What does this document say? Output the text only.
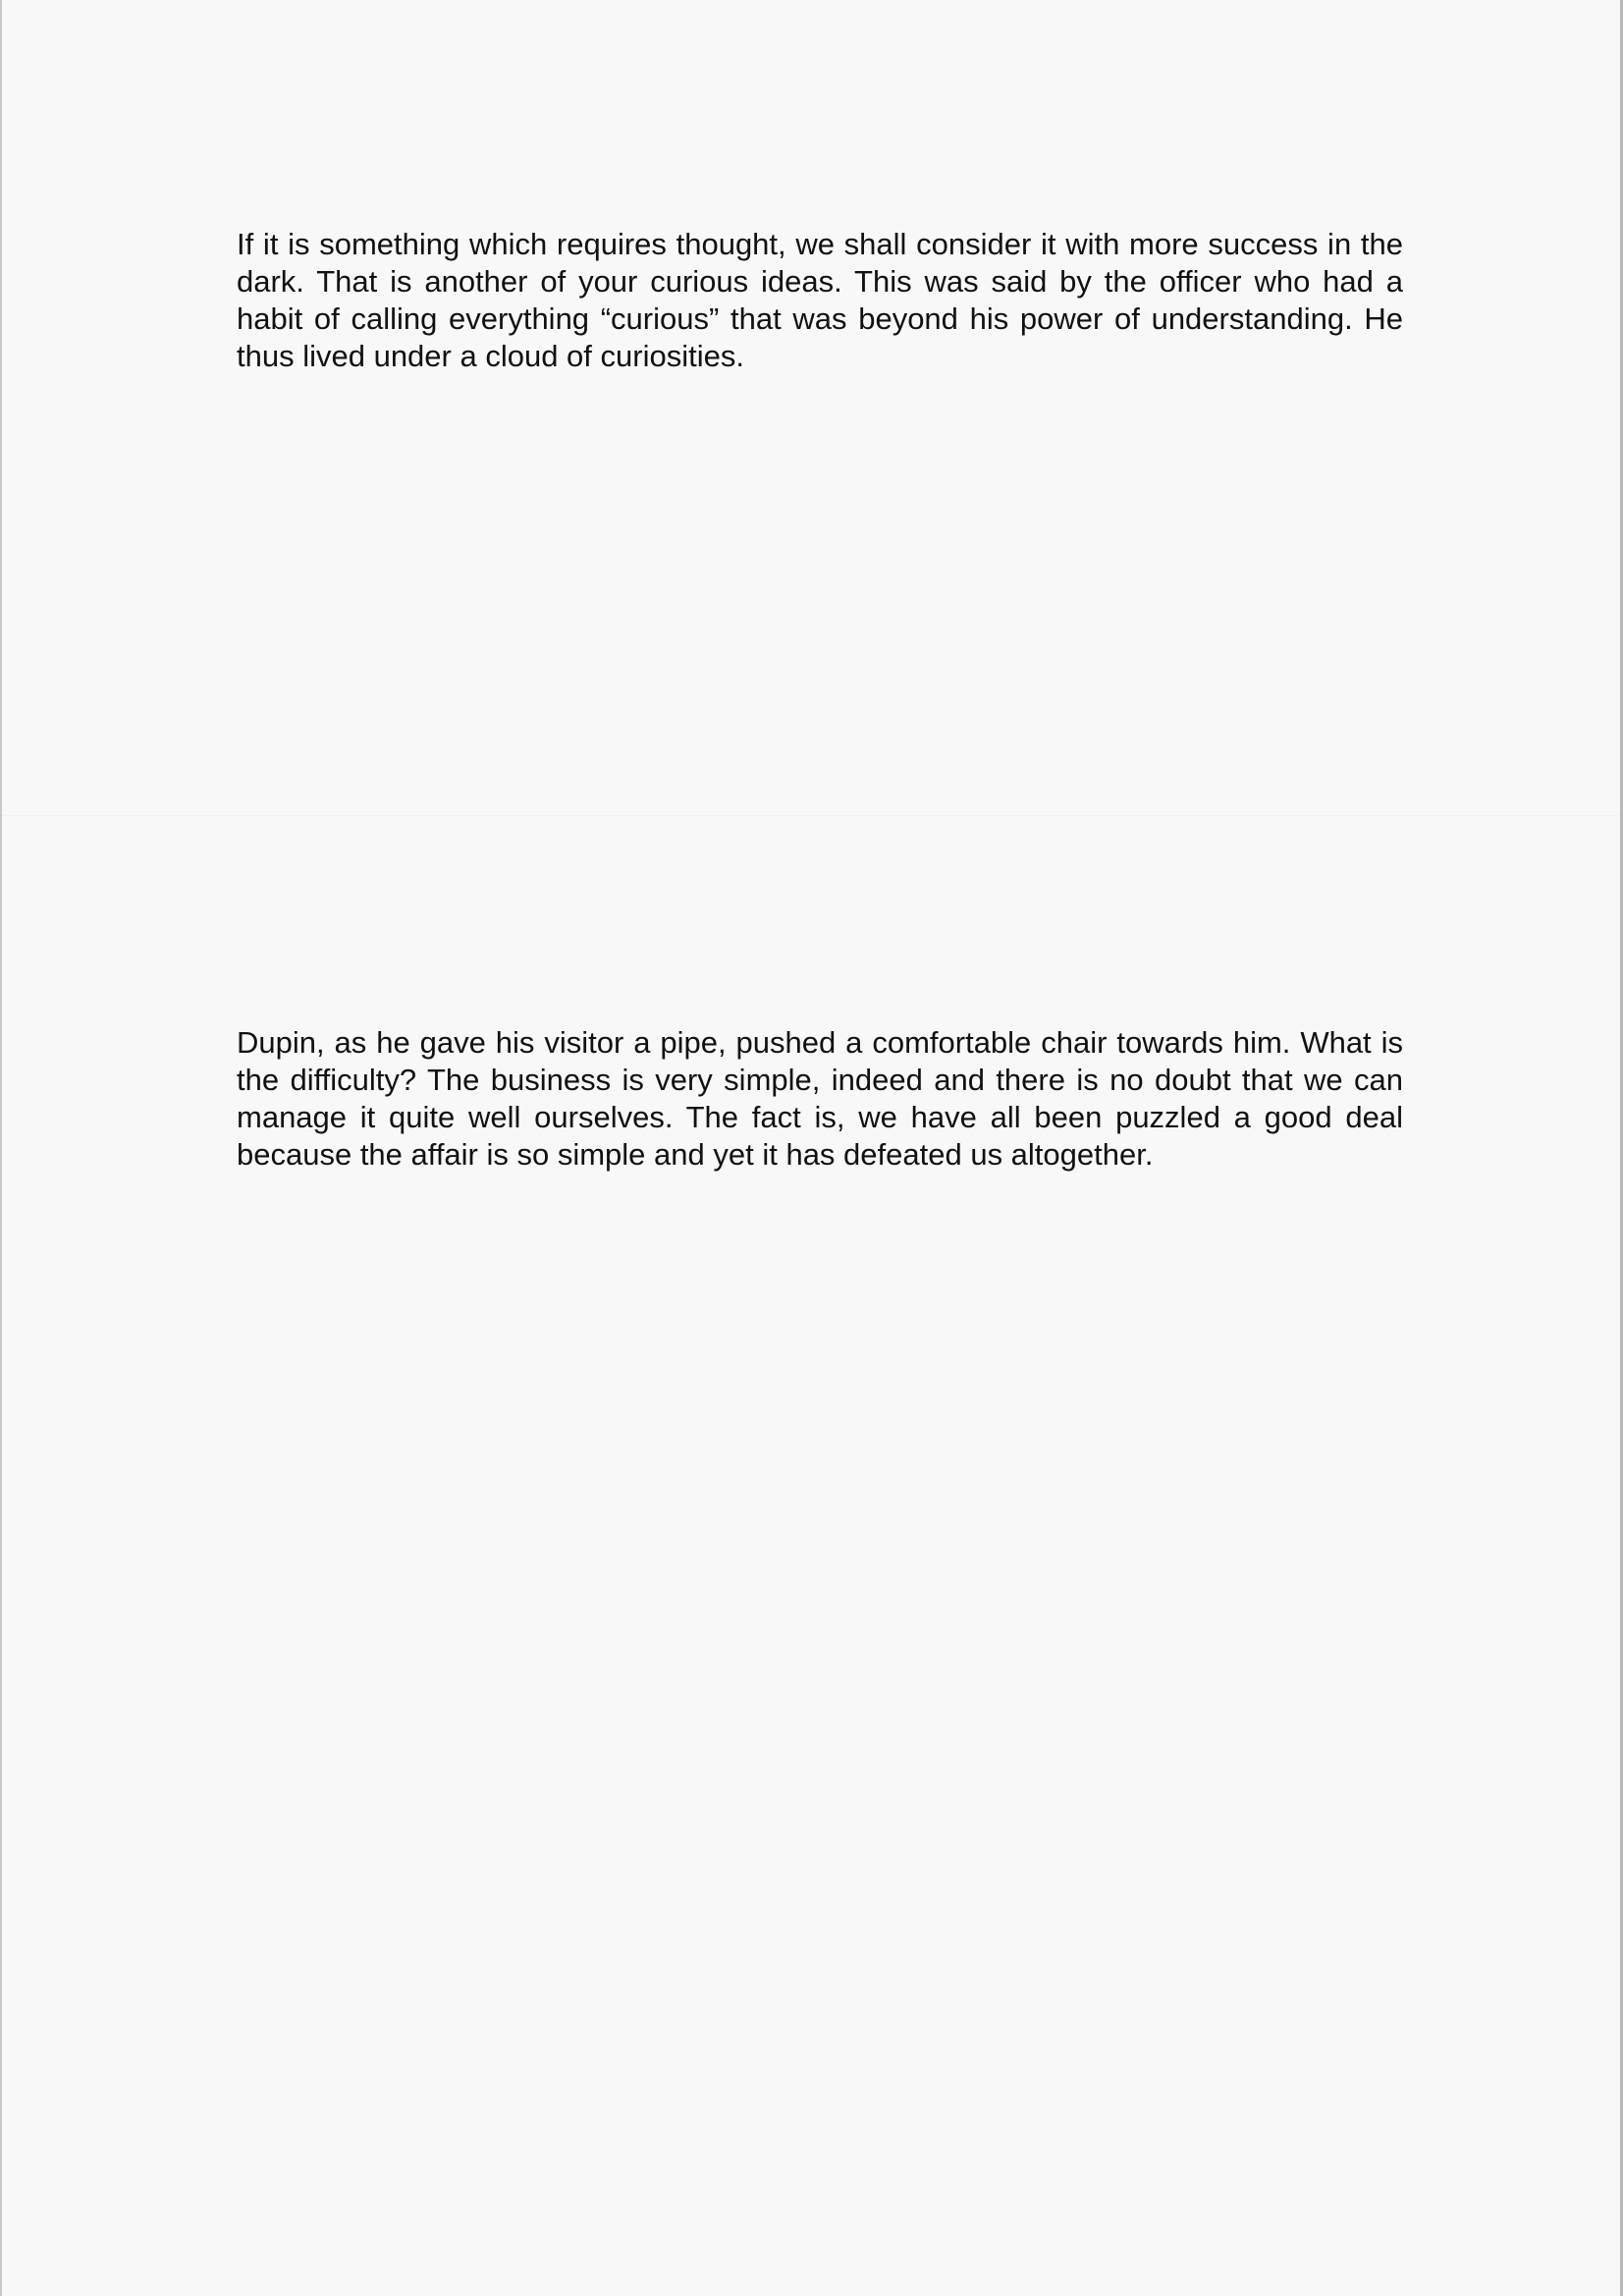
If it is something which requires thought, we shall consider it with more success in the dark. That is another of your curious ideas. This was said by the officer who had a habit of calling everything “curious” that was beyond his power of understanding. He thus lived under a cloud of curiosities.

Dupin, as he gave his visitor a pipe, pushed a comfortable chair towards him. What is the difficulty? The business is very simple, indeed and there is no doubt that we can manage it quite well ourselves. The fact is, we have all been puzzled a good deal because the affair is so simple and yet it has defeated us altogether.
